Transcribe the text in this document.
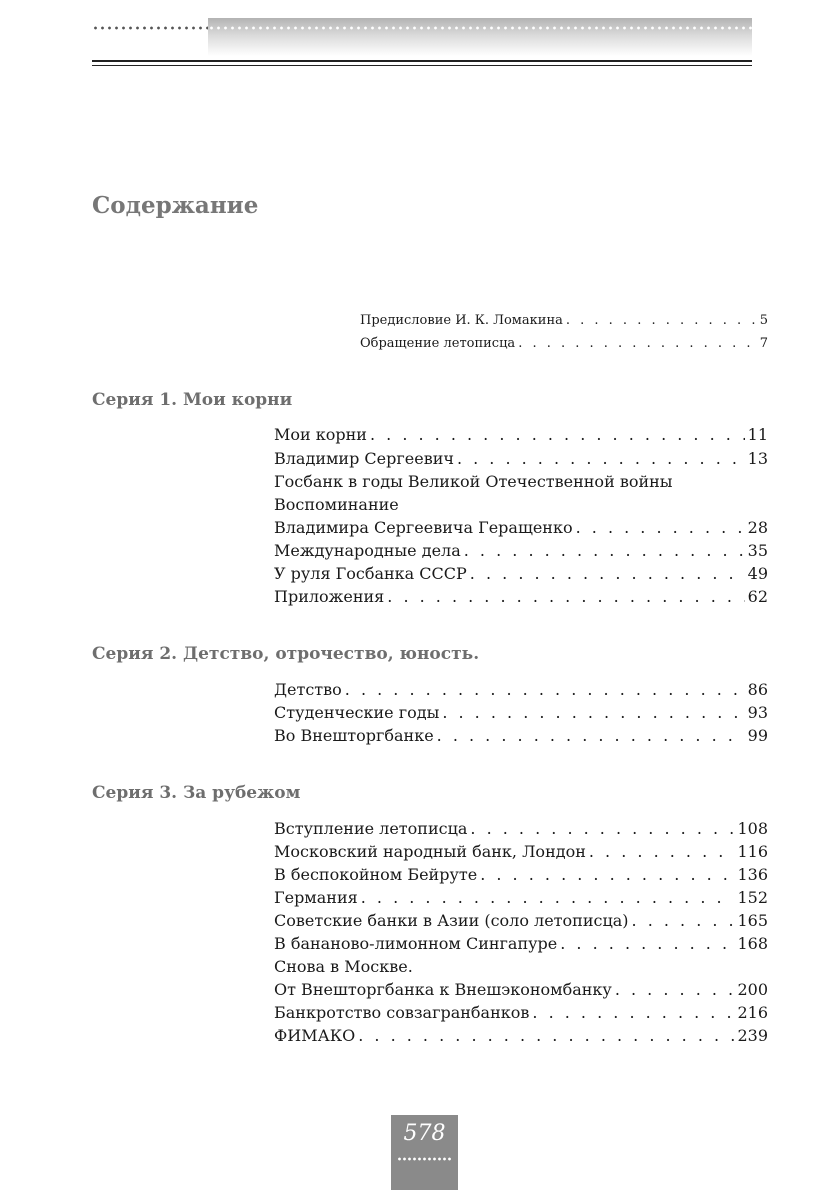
Содержание
Предисловие И. К. Ломакина . . .	5
Обращение летописца . . .	7
Серия 1. Мои корни
Мои корни . . .	11
Владимир Сергеевич . . .	13
Госбанк в годы Великой Отечественной войны
Воспоминание
Владимира Сергеевича Геращенко . . .	28
Международные дела . . .	35
У руля Госбанка СССР . . .	49
Приложения . . .	62
Серия 2. Детство, отрочество, юность.
Детство . . .	86
Студенческие годы . . .	93
Во Внешторгбанке . . .	99
Серия 3. За рубежом
Вступление летописца . . .	108
Московский народный банк, Лондон . . .	116
В беспокойном Бейруте . . .	136
Германия . . .	152
Советские банки в Азии (соло летописца) . . .	165
В бананово-лимонном Сингапуре . . .	168
Снова в Москве.
От Внешторгбанка к Внешэкономбанку . . .	200
Банкротство совзагранбанков . . .	216
ФИМАКО . . .	239
578
